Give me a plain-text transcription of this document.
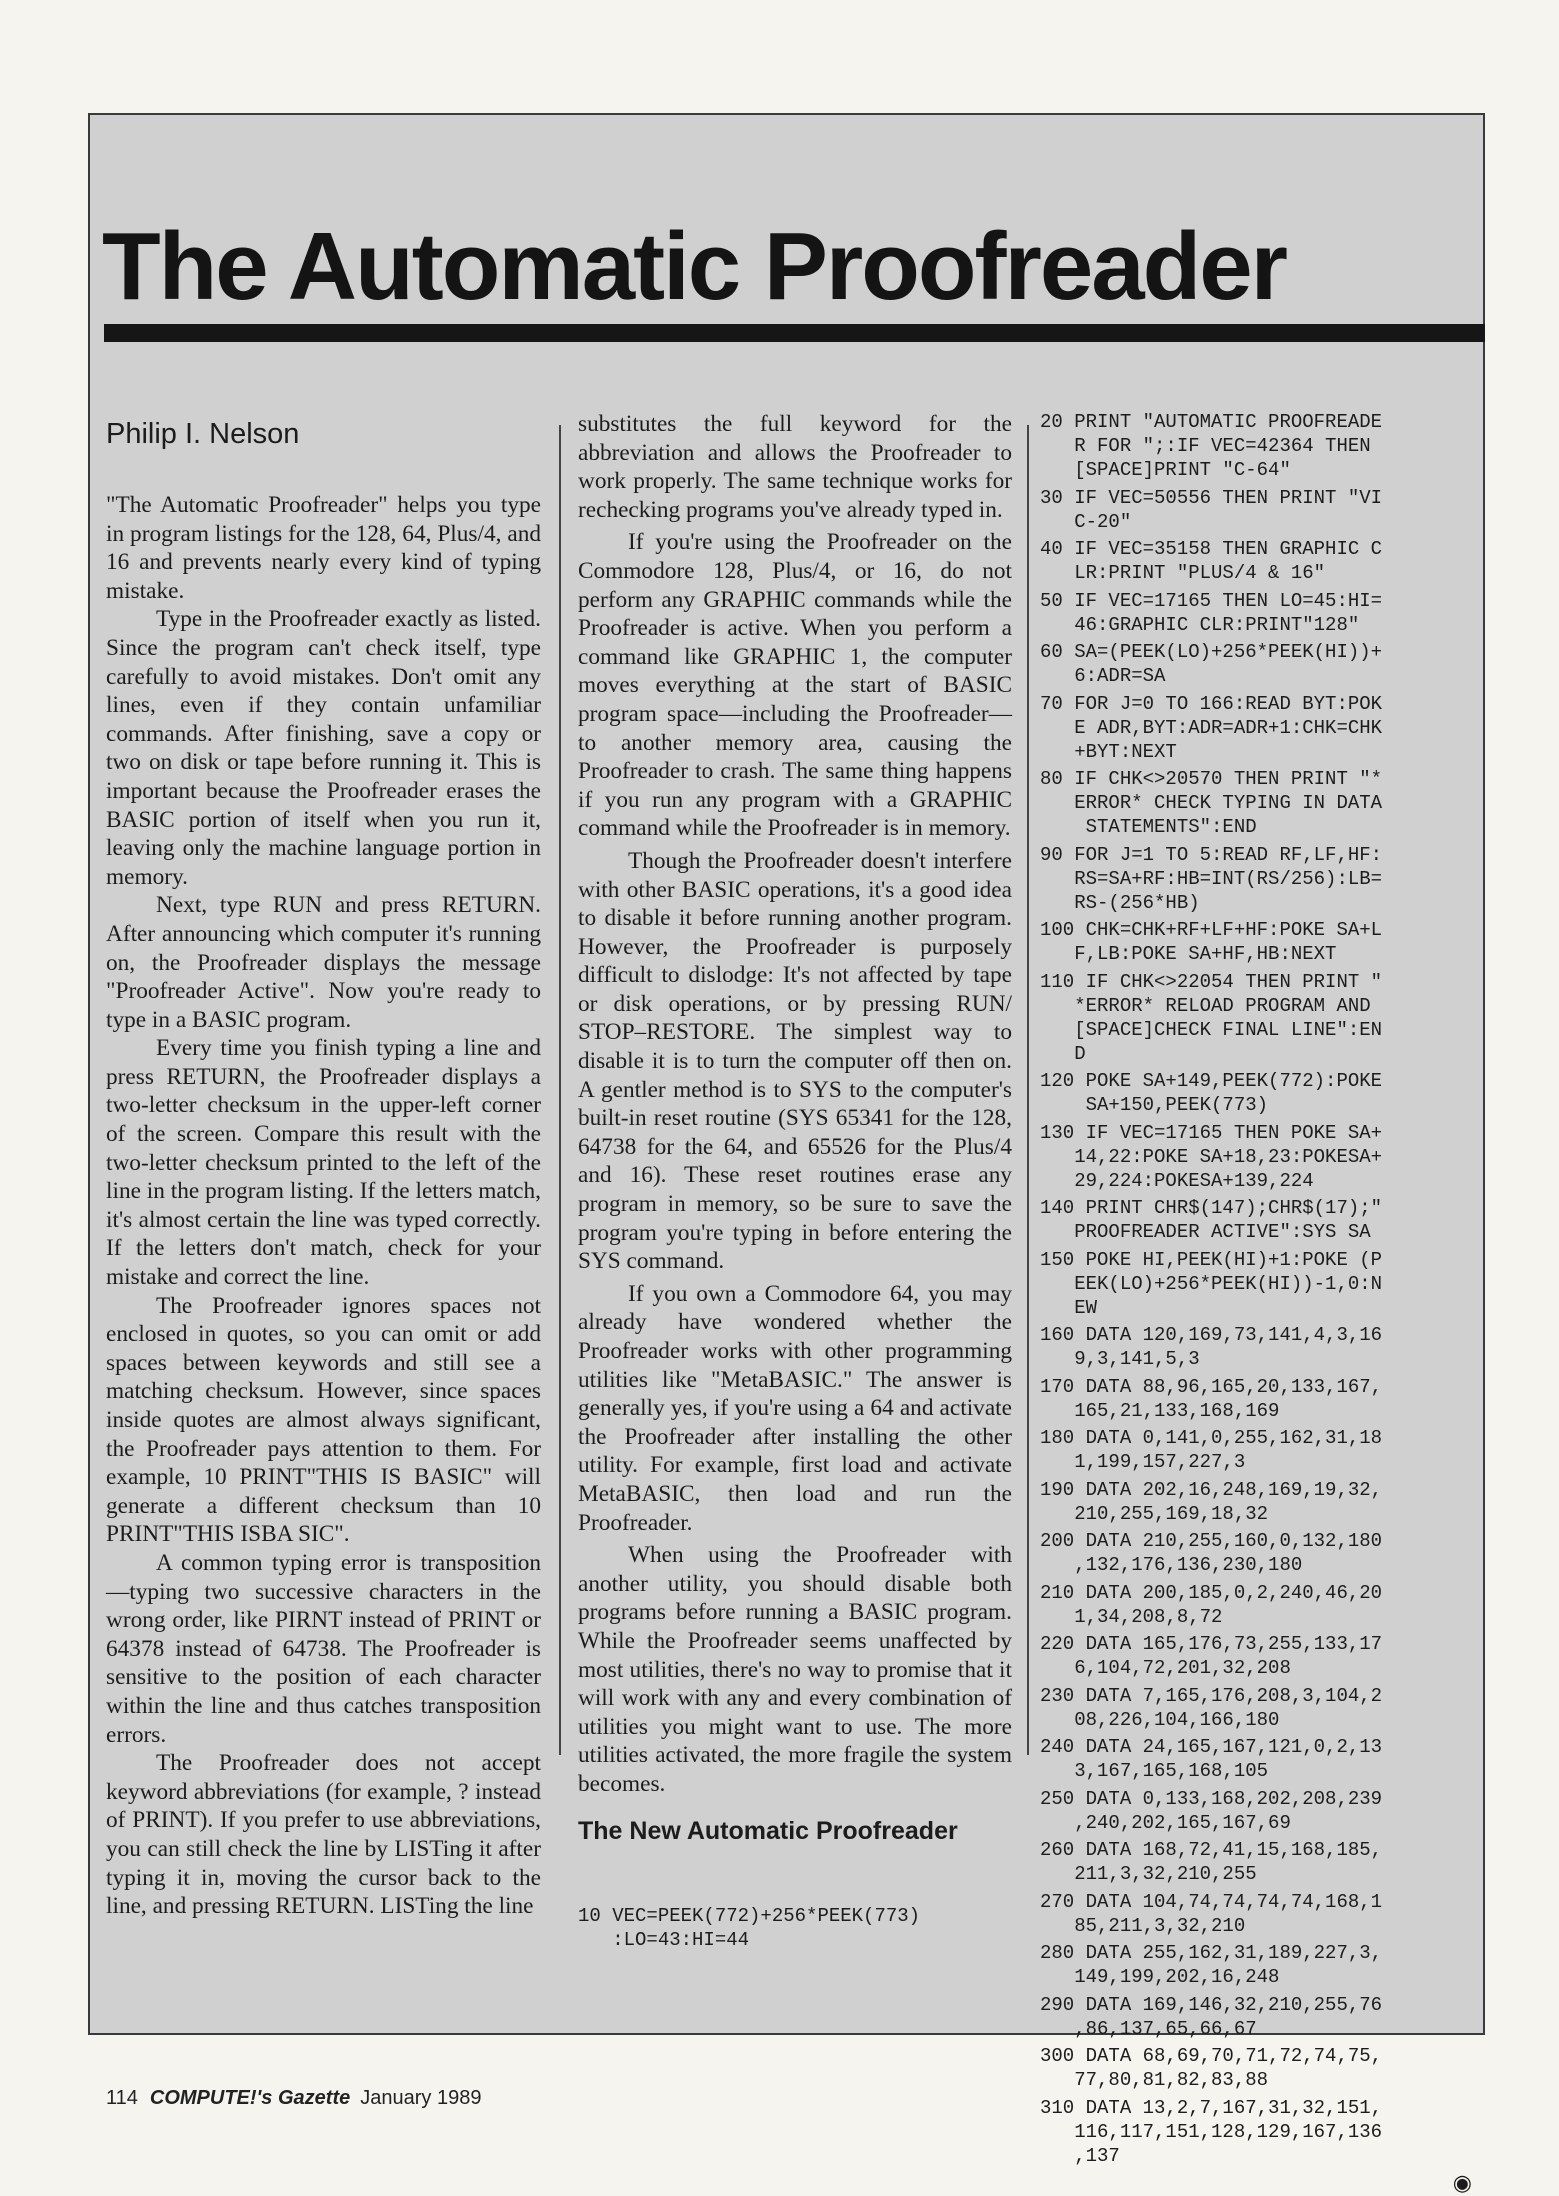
The Automatic Proofreader
Philip I. Nelson

"The Automatic Proofreader" helps you type in program listings for the 128, 64, Plus/4, and 16 and prevents nearly every kind of typing mistake.

Type in the Proofreader exactly as listed. Since the program can't check itself, type carefully to avoid mistakes. Don't omit any lines, even if they contain unfamiliar commands. After finishing, save a copy or two on disk or tape before running it. This is important because the Proofreader erases the BASIC portion of itself when you run it, leaving only the machine language portion in memory.

Next, type RUN and press RETURN. After announcing which computer it's running on, the Proofreader displays the message "Proofreader Active". Now you're ready to type in a BASIC program.

Every time you finish typing a line and press RETURN, the Proofreader displays a two-letter checksum in the upper-left corner of the screen. Compare this result with the two-letter checksum printed to the left of the line in the program listing. If the letters match, it's almost certain the line was typed correctly. If the letters don't match, check for your mistake and correct the line.

The Proofreader ignores spaces not enclosed in quotes, so you can omit or add spaces between keywords and still see a matching checksum. However, since spaces inside quotes are almost always significant, the Proofreader pays attention to them. For example, 10 PRINT"THIS IS BASIC" will generate a different checksum than 10 PRINT"THIS ISBA SIC".

A common typing error is transposition—typing two successive characters in the wrong order, like PIRNT instead of PRINT or 64378 instead of 64738. The Proofreader is sensitive to the position of each character within the line and thus catches transposition errors.

The Proofreader does not accept keyword abbreviations (for example, ? instead of PRINT). If you prefer to use abbreviations, you can still check the line by LISTing it after typing it in, moving the cursor back to the line, and pressing RETURN. LISTing the line

substitutes the full keyword for the abbreviation and allows the Proofreader to work properly. The same technique works for rechecking programs you've already typed in.

If you're using the Proofreader on the Commodore 128, Plus/4, or 16, do not perform any GRAPHIC commands while the Proofreader is active. When you perform a command like GRAPHIC 1, the computer moves everything at the start of BASIC program space—including the Proofreader—to another memory area, causing the Proofreader to crash. The same thing happens if you run any program with a GRAPHIC command while the Proofreader is in memory.

Though the Proofreader doesn't interfere with other BASIC operations, it's a good idea to disable it before running another program. However, the Proofreader is purposely difficult to dislodge: It's not affected by tape or disk operations, or by pressing RUN/ STOP–RESTORE. The simplest way to disable it is to turn the computer off then on. A gentler method is to SYS to the computer's built-in reset routine (SYS 65341 for the 128, 64738 for the 64, and 65526 for the Plus/4 and 16). These reset routines erase any program in memory, so be sure to save the program you're typing in before entering the SYS command.

If you own a Commodore 64, you may already have wondered whether the Proofreader works with other programming utilities like "MetaBASIC." The answer is generally yes, if you're using a 64 and activate the Proofreader after installing the other utility. For example, first load and activate MetaBASIC, then load and run the Proofreader.

When using the Proofreader with another utility, you should disable both programs before running a BASIC program. While the Proofreader seems unaffected by most utilities, there's no way to promise that it will work with any and every combination of utilities you might want to use. The more utilities activated, the more fragile the system becomes.

The New Automatic Proofreader

10 VEC=PEEK(772)+256*PEEK(773)
:LO=43:HI=44

20 PRINT "AUTOMATIC PROOFREADE
R FOR ";:IF VEC=42364 THEN
[SPACE]PRINT "C-64"
30 IF VEC=50556 THEN PRINT "VI
C-20"
40 IF VEC=35158 THEN GRAPHIC C
LR:PRINT "PLUS/4 & 16"
50 IF VEC=17165 THEN LO=45:HI=
46:GRAPHIC CLR:PRINT"128"
60 SA=(PEEK(LO)+256*PEEK(HI))+
6:ADR=SA
70 FOR J=0 TO 166:READ BYT:POK
E ADR,BYT:ADR=ADR+1:CHK=CHK
+BYT:NEXT
80 IF CHK<>20570 THEN PRINT "*
ERROR* CHECK TYPING IN DATA
STATEMENTS":END
90 FOR J=1 TO 5:READ RF,LF,HF:
RS=SA+RF:HB=INT(RS/256):LB=
RS-(256*HB)
100 CHK=CHK+RF+LF+HF:POKE SA+L
F,LB:POKE SA+HF,HB:NEXT
110 IF CHK<>22054 THEN PRINT "
*ERROR* RELOAD PROGRAM AND
[SPACE]CHECK FINAL LINE":EN
D
120 POKE SA+149,PEEK(772):POKE
SA+150,PEEK(773)
130 IF VEC=17165 THEN POKE SA+
14,22:POKE SA+18,23:POKESA+
29,224:POKESA+139,224
140 PRINT CHR$(147);CHR$(17);"
PROOFREADER ACTIVE":SYS SA
150 POKE HI,PEEK(HI)+1:POKE (P
EEK(LO)+256*PEEK(HI))-1,0:N
EW
160 DATA 120,169,73,141,4,3,16
9,3,141,5,3
170 DATA 88,96,165,20,133,167,
165,21,133,168,169
180 DATA 0,141,0,255,162,31,18
1,199,157,227,3
190 DATA 202,16,248,169,19,32,
210,255,169,18,32
200 DATA 210,255,160,0,132,180
,132,176,136,230,180
210 DATA 200,185,0,2,240,46,20
1,34,208,8,72
220 DATA 165,176,73,255,133,17
6,104,72,201,32,208
230 DATA 7,165,176,208,3,104,2
08,226,104,166,180
240 DATA 24,165,167,121,0,2,13
3,167,165,168,105
250 DATA 0,133,168,202,208,239
,240,202,165,167,69
260 DATA 168,72,41,15,168,185,
211,3,32,210,255
270 DATA 104,74,74,74,74,168,1
85,211,3,32,210
280 DATA 255,162,31,189,227,3,
149,199,202,16,248
290 DATA 169,146,32,210,255,76
,86,137,65,66,67
300 DATA 68,69,70,71,72,74,75,
77,80,81,82,83,88
310 DATA 13,2,7,167,31,32,151,
116,117,151,128,129,167,136
,137
◉
114 COMPUTE!'s Gazette January 1989
